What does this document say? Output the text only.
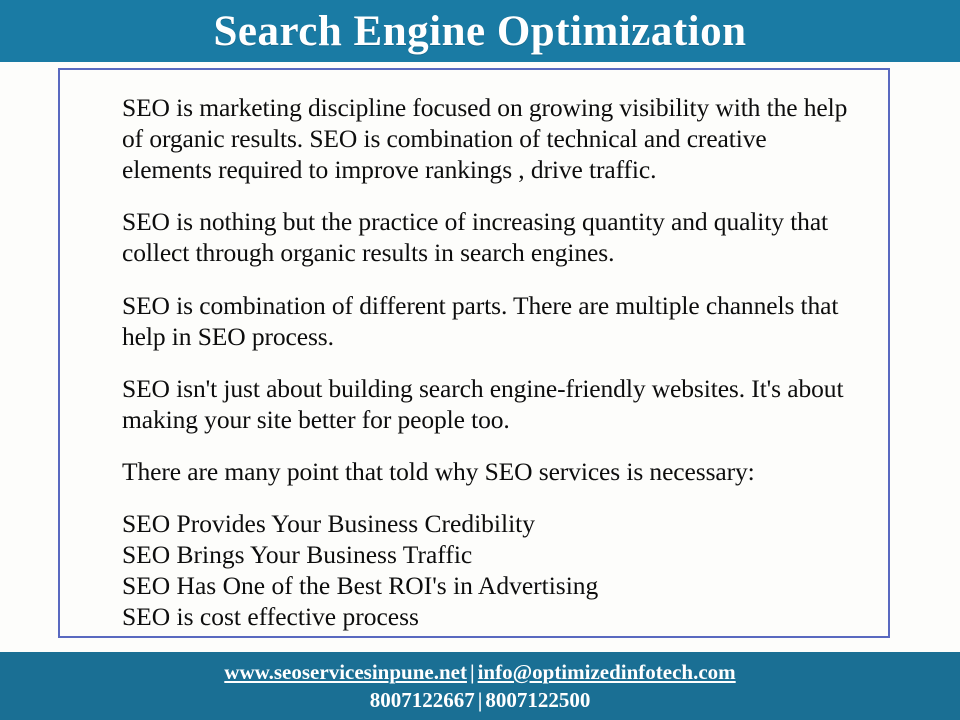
Search Engine Optimization

SEO is marketing discipline focused on growing visibility with the help of organic results. SEO is combination of technical and creative elements required to improve rankings , drive traffic.

SEO is nothing but the practice of increasing quantity and quality that collect through organic results in search engines.

SEO is combination of different parts. There are multiple channels that help in SEO process.

SEO isn't just about building search engine-friendly websites. It's about making your site better for people too.

There are many point that told why SEO services is necessary:

SEO Provides Your Business Credibility
SEO Brings Your Business Traffic
SEO Has One of the Best ROI's in Advertising
SEO is cost effective process
www.seoservicesinpune.net | info@optimizedinfotech.com
8007122667 | 8007122500
